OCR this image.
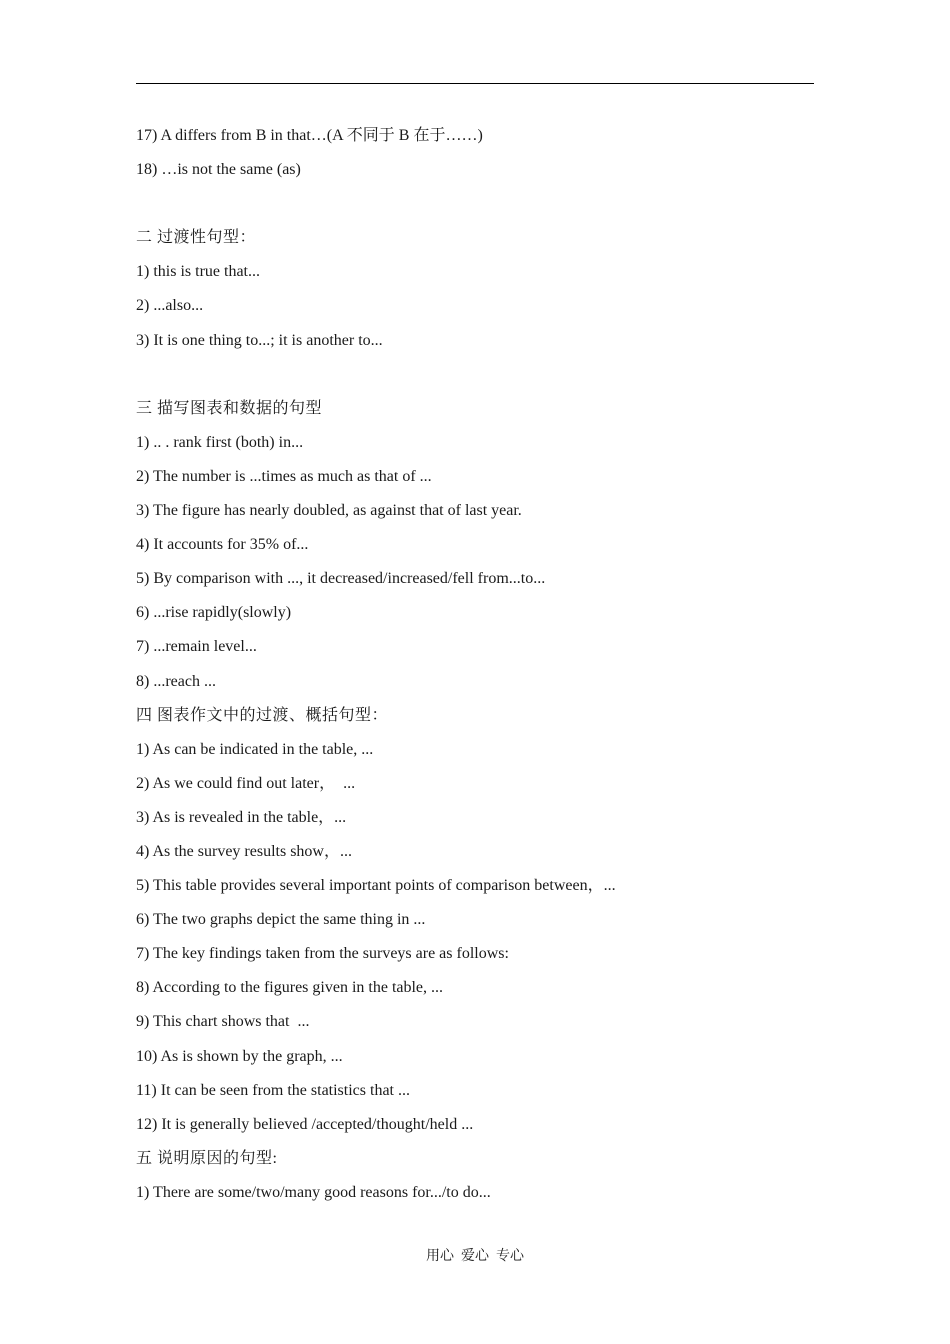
17) A differs from B in that…(A 不同于 B 在于……)
18) …is not the same (as)
二 过渡性句型：
1) this is true that...
2) ...also...
3) It is one thing to...; it is another to...
三 描写图表和数据的句型
1) .. . rank first (both) in...
2) The number is ...times as much as that of ...
3) The figure has nearly doubled, as against that of last year.
4) It accounts for 35% of...
5) By comparison with ..., it decreased/increased/fell from...to...
6) ...rise rapidly(slowly)
7) ...remain level...
8) ...reach ...
四 图表作文中的过渡、概括句型：
1) As can be indicated in the table, ...
2) As we could find out later，  ...
3) As is revealed in the table，...
4) As the survey results show，...
5) This table provides several important points of comparison between，...
6) The two graphs depict the same thing in ...
7) The key findings taken from the surveys are as follows:
8) According to the figures given in the table, ...
9) This chart shows that  ...
10) As is shown by the graph, ...
11) It can be seen from the statistics that ...
12) It is generally believed /accepted/thought/held ...
五 说明原因的句型:
1) There are some/two/many good reasons for.../to do...
用心  爱心  专心
